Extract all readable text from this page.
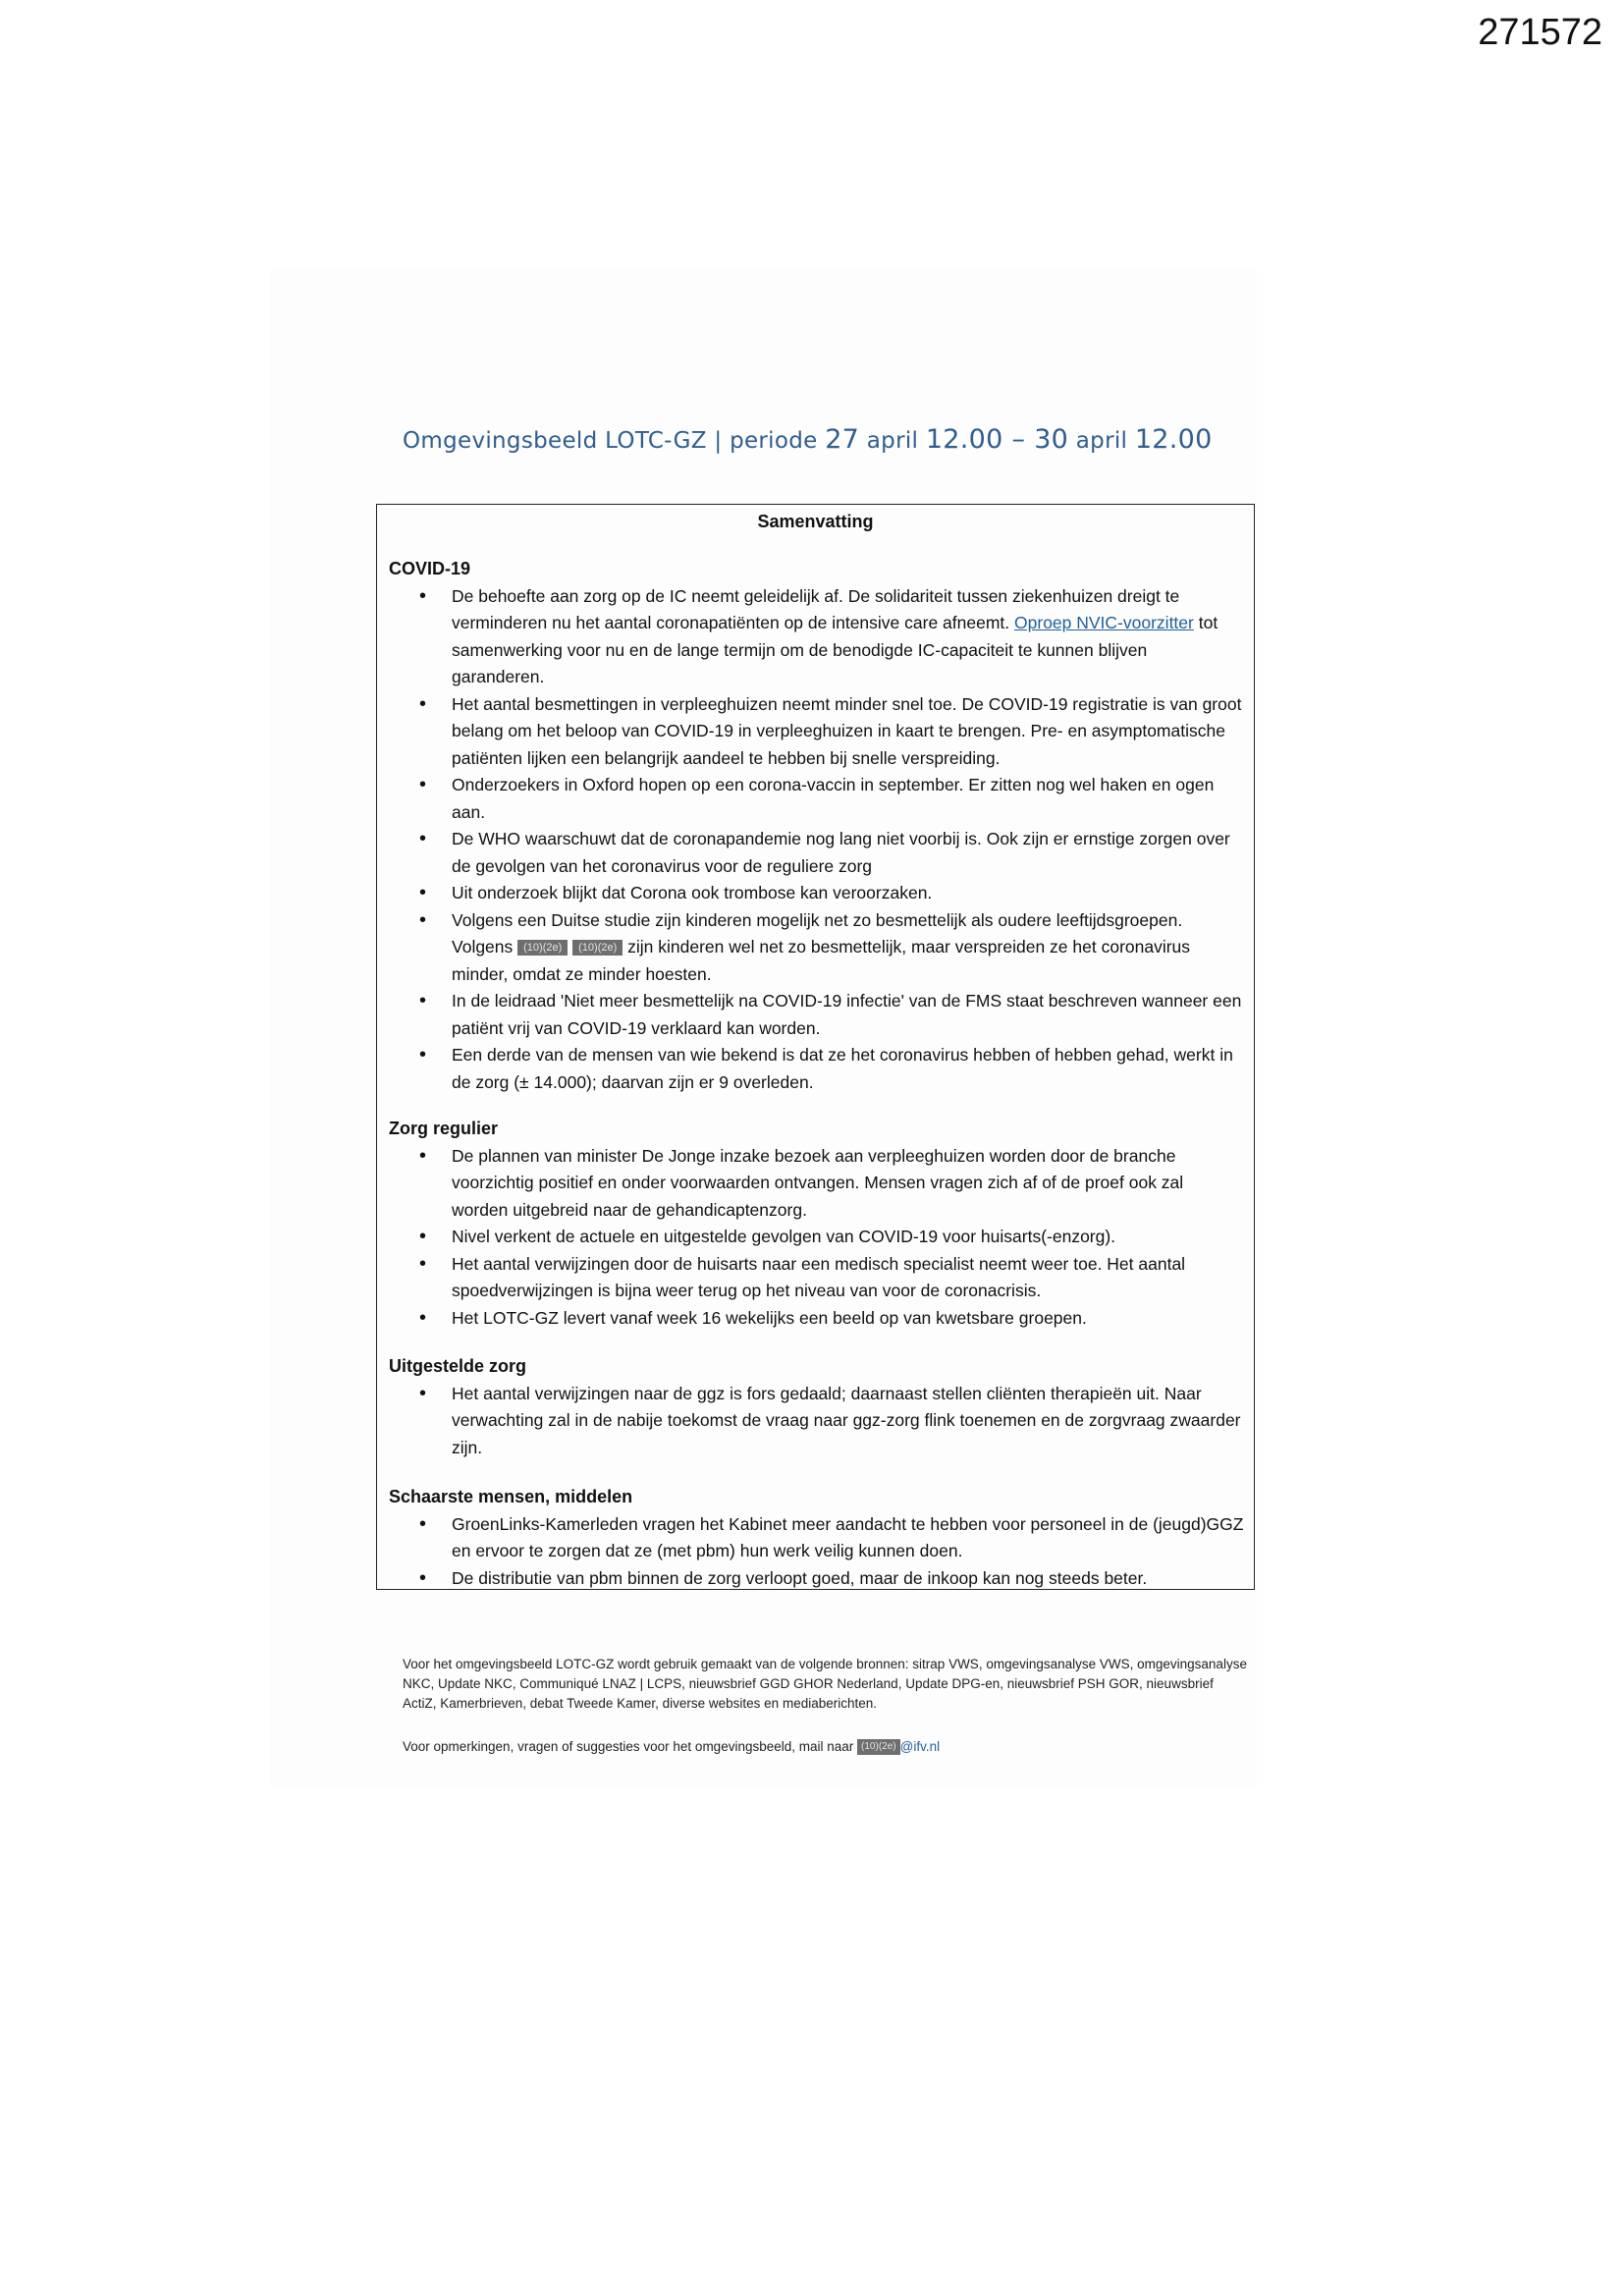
271572
Omgevingsbeeld LOTC-GZ | periode 27 april 12.00 – 30 april 12.00
Samenvatting
COVID-19
• De behoefte aan zorg op de IC neemt geleidelijk af. De solidariteit tussen ziekenhuizen dreigt te verminderen nu het aantal coronapatiënten op de intensive care afneemt. Oproep NVIC-voorzitter tot samenwerking voor nu en de lange termijn om de benodigde IC-capaciteit te kunnen blijven garanderen.
• Het aantal besmettingen in verpleeghuizen neemt minder snel toe. De COVID-19 registratie is van groot belang om het beloop van COVID-19 in verpleeghuizen in kaart te brengen. Pre- en asymptomatische patiënten lijken een belangrijk aandeel te hebben bij snelle verspreiding.
• Onderzoekers in Oxford hopen op een corona-vaccin in september. Er zitten nog wel haken en ogen aan.
• De WHO waarschuwt dat de coronapandemie nog lang niet voorbij is. Ook zijn er ernstige zorgen over de gevolgen van het coronavirus voor de reguliere zorg
• Uit onderzoek blijkt dat Corona ook trombose kan veroorzaken.
• Volgens een Duitse studie zijn kinderen mogelijk net zo besmettelijk als oudere leeftijdsgroepen. Volgens (10)(2e) (10)(2e) zijn kinderen wel net zo besmettelijk, maar verspreiden ze het coronavirus minder, omdat ze minder hoesten.
• In de leidraad 'Niet meer besmettelijk na COVID-19 infectie' van de FMS staat beschreven wanneer een patiënt vrij van COVID-19 verklaard kan worden.
• Een derde van de mensen van wie bekend is dat ze het coronavirus hebben of hebben gehad, werkt in de zorg (± 14.000); daarvan zijn er 9 overleden.
Zorg regulier
• De plannen van minister De Jonge inzake bezoek aan verpleeghuizen worden door de branche voorzichtig positief en onder voorwaarden ontvangen. Mensen vragen zich af of de proef ook zal worden uitgebreid naar de gehandicaptenzorg.
• Nivel verkent de actuele en uitgestelde gevolgen van COVID-19 voor huisarts(-enzorg).
• Het aantal verwijzingen door de huisarts naar een medisch specialist neemt weer toe. Het aantal spoedverwijzingen is bijna weer terug op het niveau van voor de coronacrisis.
• Het LOTC-GZ levert vanaf week 16 wekelijks een beeld op van kwetsbare groepen.
Uitgestelde zorg
• Het aantal verwijzingen naar de ggz is fors gedaald; daarnaast stellen cliënten therapieën uit. Naar verwachting zal in de nabije toekomst de vraag naar ggz-zorg flink toenemen en de zorgvraag zwaarder zijn.
Schaarste mensen, middelen
• GroenLinks-Kamerleden vragen het Kabinet meer aandacht te hebben voor personeel in de (jeugd)GGZ en ervoor te zorgen dat ze (met pbm) hun werk veilig kunnen doen.
• De distributie van pbm binnen de zorg verloopt goed, maar de inkoop kan nog steeds beter.
Voor het omgevingsbeeld LOTC-GZ wordt gebruik gemaakt van de volgende bronnen: sitrap VWS, omgevingsanalyse VWS, omgevingsanalyse NKC, Update NKC, Communiqué LNAZ | LCPS, nieuwsbrief GGD GHOR Nederland, Update DPG-en, nieuwsbrief PSH GOR, nieuwsbrief ActiZ, Kamerbrieven, debat Tweede Kamer, diverse websites en mediaberichten.
Voor opmerkingen, vragen of suggesties voor het omgevingsbeeld, mail naar (10)(2e) @ifv.nl
